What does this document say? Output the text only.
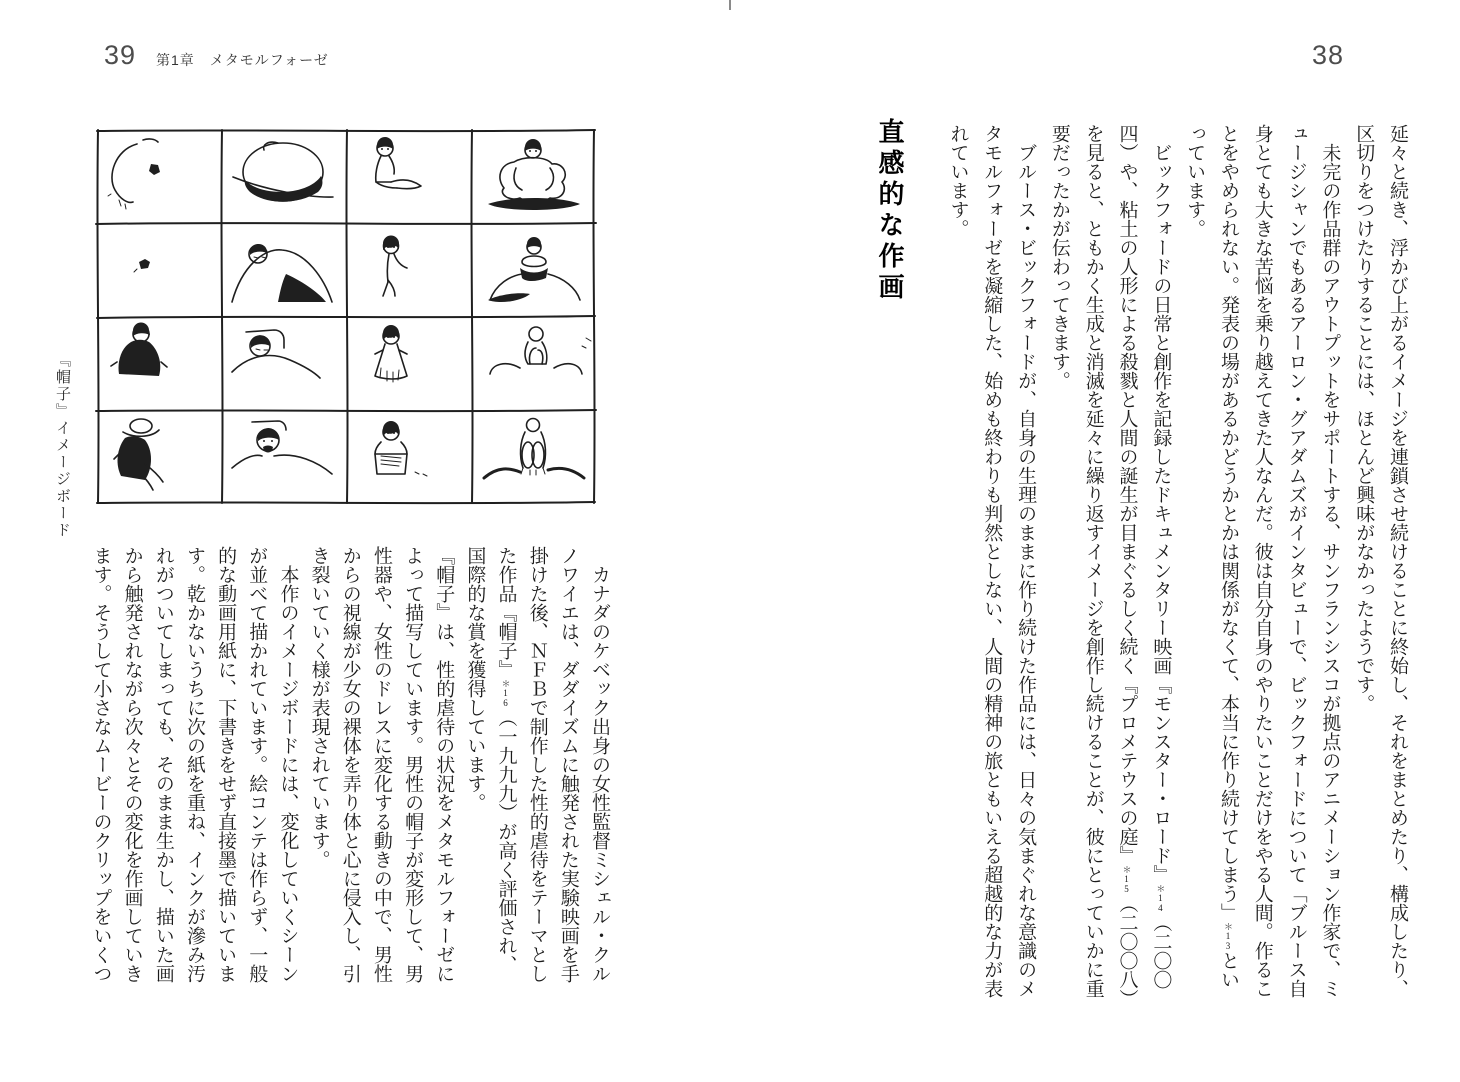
39 第1章　メタモルフォーゼ
『帽子』イメージボード

カナダのケベック出身の女性監督ミシェル・クルノワイエは、ダダイズムに触発された実験映画を手掛けた後、ＮＦＢで制作した性的虐待をテーマとした作品『帽子』＊16（一九九九）が高く評価され、国際的な賞を獲得しています。

『帽子』は、性的虐待の状況をメタモルフォーゼによって描写しています。男性の帽子が変形して、男性器や、女性のドレスに変化する動きの中で、男性からの視線が少女の裸体を弄り体と心に侵入し、引き裂いていく様が表現されています。

本作のイメージボードには、変化していくシーンが並べて描かれています。絵コンテは作らず、一般的な動画用紙に、下書きをせず直接墨で描いています。乾かないうちに次の紙を重ね、インクが滲み汚れがついてしまっても、そのまま生かし、描いた画から触発されながら次々とその変化を作画していきます。そうして小さなムービーのクリップをいくつ

38

延々と続き、浮かび上がるイメージを連鎖させ続けることに終始し、それをまとめたり、構成したり、区切りをつけたりすることには、ほとんど興味がなかったようです。

未完の作品群のアウトプットをサポートする、サンフランシスコが拠点のアニメーション作家で、ミュージシャンでもあるアーロン・グアダムズがインタビューで、ビックフォードについて「ブルース自身とても大きな苦悩を乗り越えてきた人なんだ。彼は自分自身のやりたいことだけをやる人間。作ることをやめられない。発表の場があるかどうかとかは関係がなくて、本当に作り続けてしまう」＊13といっています。

ビックフォードの日常と創作を記録したドキュメンタリー映画『モンスター・ロード』＊14（二〇〇四）や、粘土の人形による殺戮と人間の誕生が目まぐるしく続く『プロメテウスの庭』＊15（二〇〇八）を見ると、ともかく生成と消滅を延々に繰り返すイメージを創作し続けることが、彼にとっていかに重要だったかが伝わってきます。

ブルース・ビックフォードが、自身の生理のままに作り続けた作品には、日々の気まぐれな意識のメタモルフォーゼを凝縮した、始めも終わりも判然としない、人間の精神の旅ともいえる超越的な力が表れています。

直感的な作画
